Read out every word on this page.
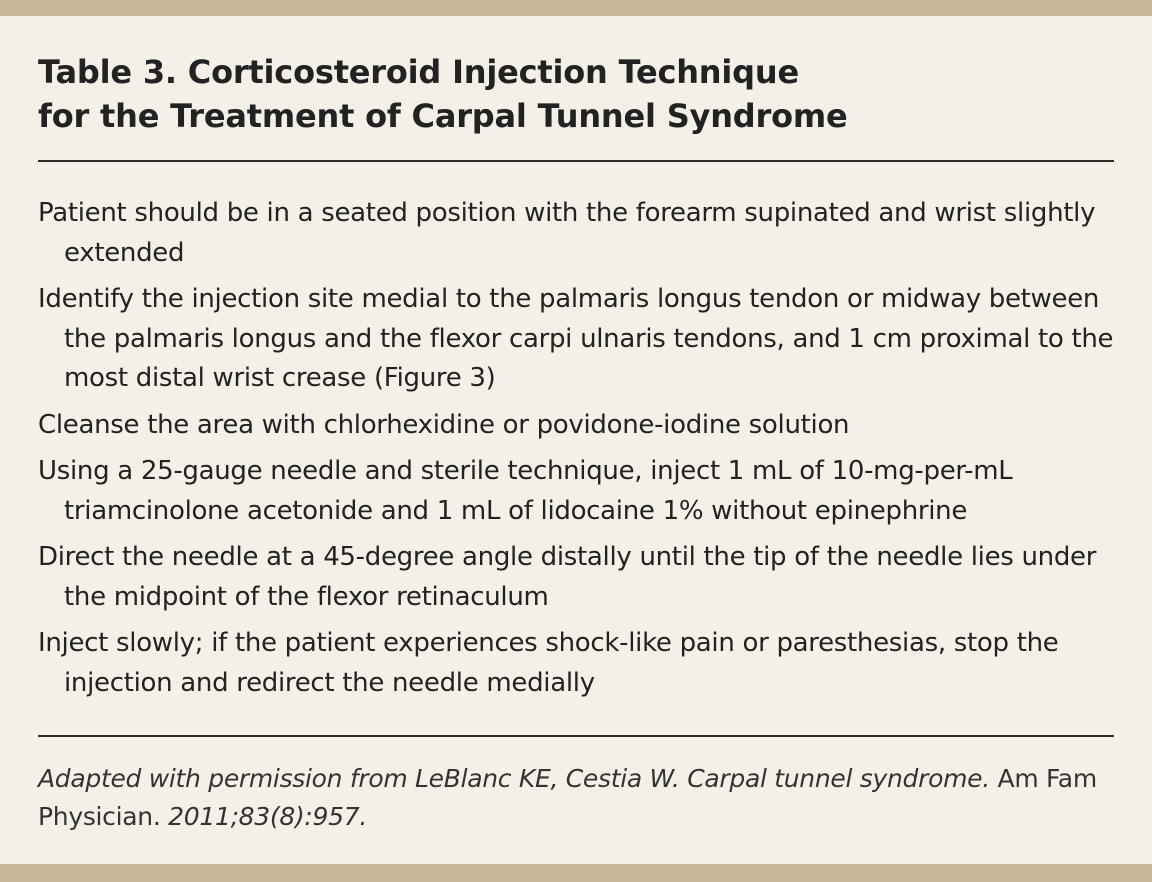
Table 3. Corticosteroid Injection Technique
for the Treatment of Carpal Tunnel Syndrome
Patient should be in a seated position with the forearm supinated and wrist slightly extended
Identify the injection site medial to the palmaris longus tendon or midway between the palmaris longus and the flexor carpi ulnaris tendons, and 1 cm proximal to the most distal wrist crease (Figure 3)
Cleanse the area with chlorhexidine or povidone-iodine solution
Using a 25-gauge needle and sterile technique, inject 1 mL of 10-mg-per-mL triamcinolone acetonide and 1 mL of lidocaine 1% without epinephrine
Direct the needle at a 45-degree angle distally until the tip of the needle lies under the midpoint of the flexor retinaculum
Inject slowly; if the patient experiences shock-like pain or paresthesias, stop the injection and redirect the needle medially

Adapted with permission from LeBlanc KE, Cestia W. Carpal tunnel syndrome. Am Fam Physician. 2011;83(8):957.
